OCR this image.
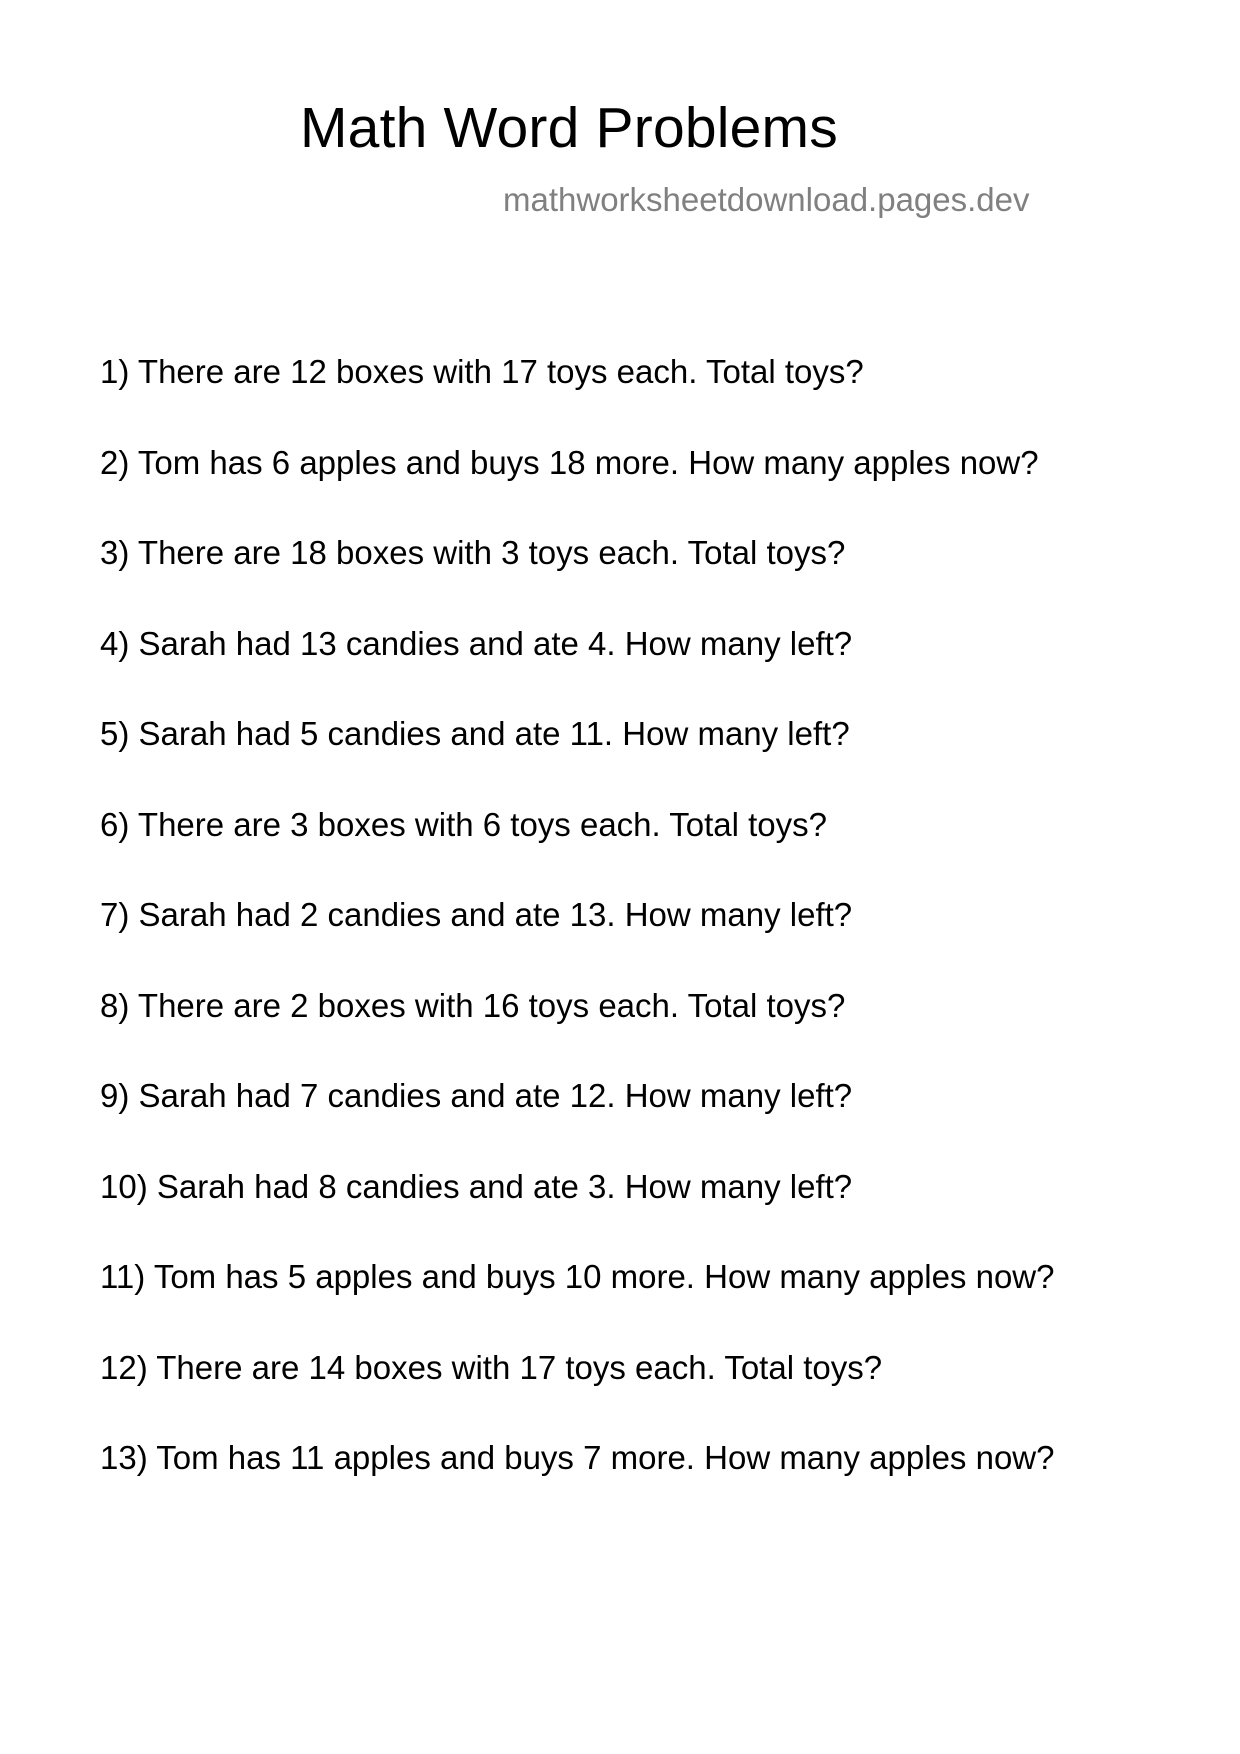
Math Word Problems
mathworksheetdownload.pages.dev
1) There are 12 boxes with 17 toys each. Total toys?
2) Tom has 6 apples and buys 18 more. How many apples now?
3) There are 18 boxes with 3 toys each. Total toys?
4) Sarah had 13 candies and ate 4. How many left?
5) Sarah had 5 candies and ate 11. How many left?
6) There are 3 boxes with 6 toys each. Total toys?
7) Sarah had 2 candies and ate 13. How many left?
8) There are 2 boxes with 16 toys each. Total toys?
9) Sarah had 7 candies and ate 12. How many left?
10) Sarah had 8 candies and ate 3. How many left?
11) Tom has 5 apples and buys 10 more. How many apples now?
12) There are 14 boxes with 17 toys each. Total toys?
13) Tom has 11 apples and buys 7 more. How many apples now?
